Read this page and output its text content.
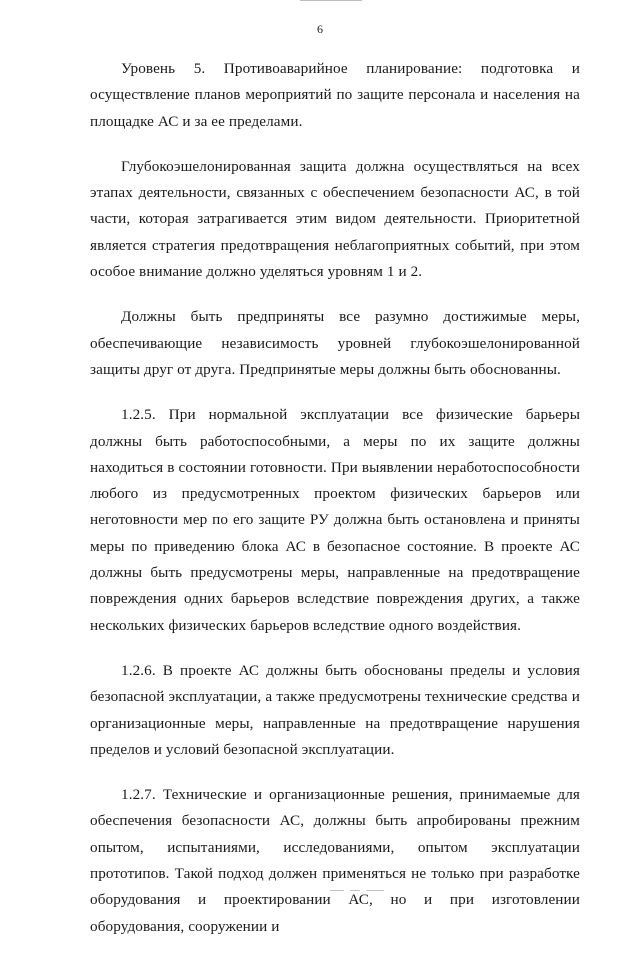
6

Уровень 5. Противоаварийное планирование: подготовка и осуществление планов мероприятий по защите персонала и населения на площадке АС и за ее пределами.

Глубокоэшелонированная защита должна осуществляться на всех этапах деятельности, связанных с обеспечением безопасности АС, в той части, которая затрагивается этим видом деятельности. Приоритетной является стратегия предотвращения неблагоприятных событий, при этом особое внимание должно уделяться уровням 1 и 2.

Должны быть предприняты все разумно достижимые меры, обеспечивающие независимость уровней глубокоэшелонированной защиты друг от друга. Предпринятые меры должны быть обоснованны.

1.2.5. При нормальной эксплуатации все физические барьеры должны быть работоспособными, а меры по их защите должны находиться в состоянии готовности. При выявлении неработоспособности любого из предусмотренных проектом физических барьеров или неготовности мер по его защите РУ должна быть остановлена и приняты меры по приведению блока АС в безопасное состояние. В проекте АС должны быть предусмотрены меры, направленные на предотвращение повреждения одних барьеров вследствие повреждения других, а также нескольких физических барьеров вследствие одного воздействия.

1.2.6. В проекте АС должны быть обоснованы пределы и условия безопасной эксплуатации, а также предусмотрены технические средства и организационные меры, направленные на предотвращение нарушения пределов и условий безопасной эксплуатации.

1.2.7. Технические и организационные решения, принимаемые для обеспечения безопасности АС, должны быть апробированы прежним опытом, испытаниями, исследованиями, опытом эксплуатации прототипов. Такой подход должен применяться не только при разработке оборудования и проектировании АС, но и при изготовлении оборудования, сооружении и
